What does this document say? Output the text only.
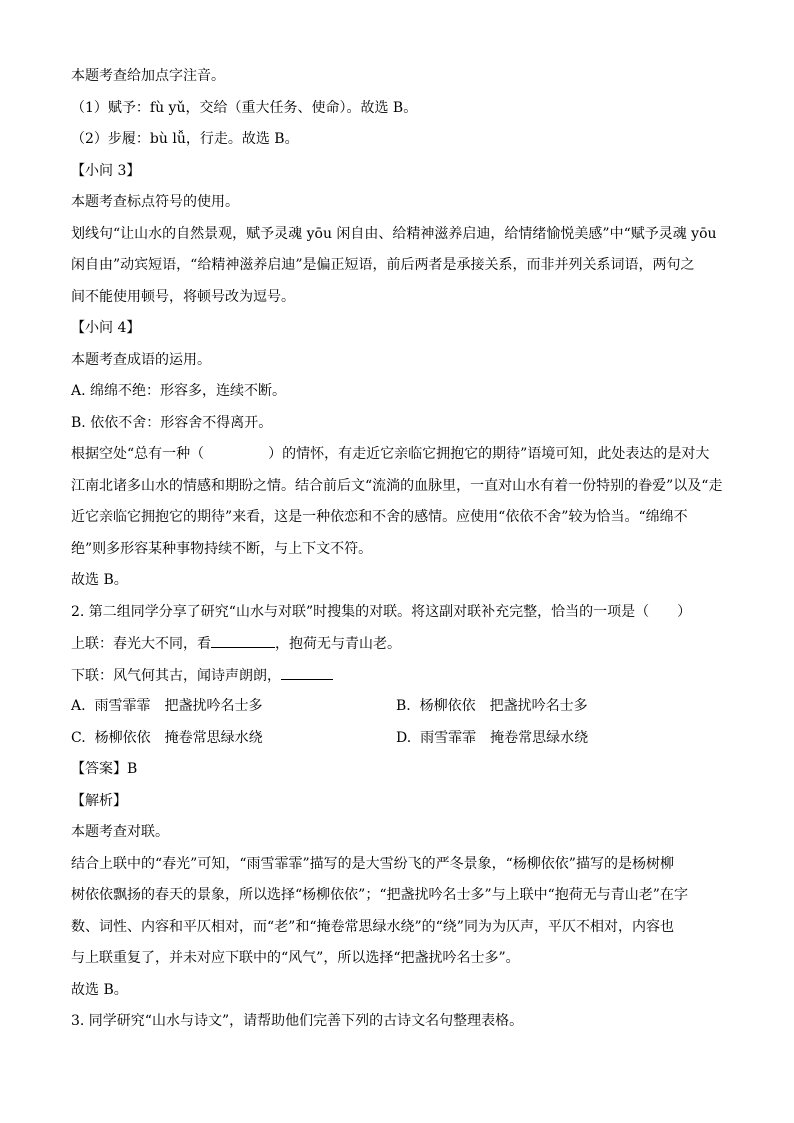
本题考查给加点字注音。
（1）赋予：fù yǔ，交给（重大任务、使命）。故选 B。
（2）步履：bù lǚ，行走。故选 B。
【小问 3】
本题考查标点符号的使用。
划线句“让山水的自然景观，赋予灵魂 yōu 闲自由、给精神滋养启迪，给情绪愉悦美感”中“赋予灵魂 yōu
闲自由”动宾短语，“给精神滋养启迪”是偏正短语，前后两者是承接关系，而非并列关系词语，两句之
间不能使用顿号，将顿号改为逗号。
【小问 4】
本题考查成语的运用。
A. 绵绵不绝：形容多，连续不断。
B. 依依不舍：形容舍不得离开。
根据空处“总有一种（	）的情怀，有走近它亲临它拥抱它的期待”语境可知，此处表达的是对大
江南北诸多山水的情感和期盼之情。结合前后文“流淌的血脉里，一直对山水有着一份特别的眷爱”以及“走
近它亲临它拥抱它的期待”来看，这是一种依恋和不舍的感情。应使用“依依不舍”较为恰当。“绵绵不
绝”则多形容某种事物持续不断，与上下文不符。
故选 B。
2. 第二组同学分享了研究“山水与对联”时搜集的对联。将这副对联补充完整，恰当的一项是（　　）
上联：春光大不同，看	，抱荷无与青山老。
下联：风气何其古，闻诗声朗朗，
A. 雨雪霏霏　把盏扰吟名士多	B. 杨柳依依　把盏扰吟名士多
C. 杨柳依依　掩卷常思绿水绕	D. 雨雪霏霏　掩卷常思绿水绕
【答案】B
【解析】
本题考查对联。
结合上联中的“春光”可知，“雨雪霏霏”描写的是大雪纷飞的严冬景象，“杨柳依依”描写的是杨树柳
树依依飘扬的春天的景象，所以选择“杨柳依依”；“把盏扰吟名士多”与上联中“抱荷无与青山老”在字
数、词性、内容和平仄相对，而“老”和“掩卷常思绿水绕”的“绕”同为为仄声，平仄不相对，内容也
与上联重复了，并未对应下联中的“风气”，所以选择“把盏扰吟名士多”。
故选 B。
3. 同学研究“山水与诗文”，请帮助他们完善下列的古诗文名句整理表格。
